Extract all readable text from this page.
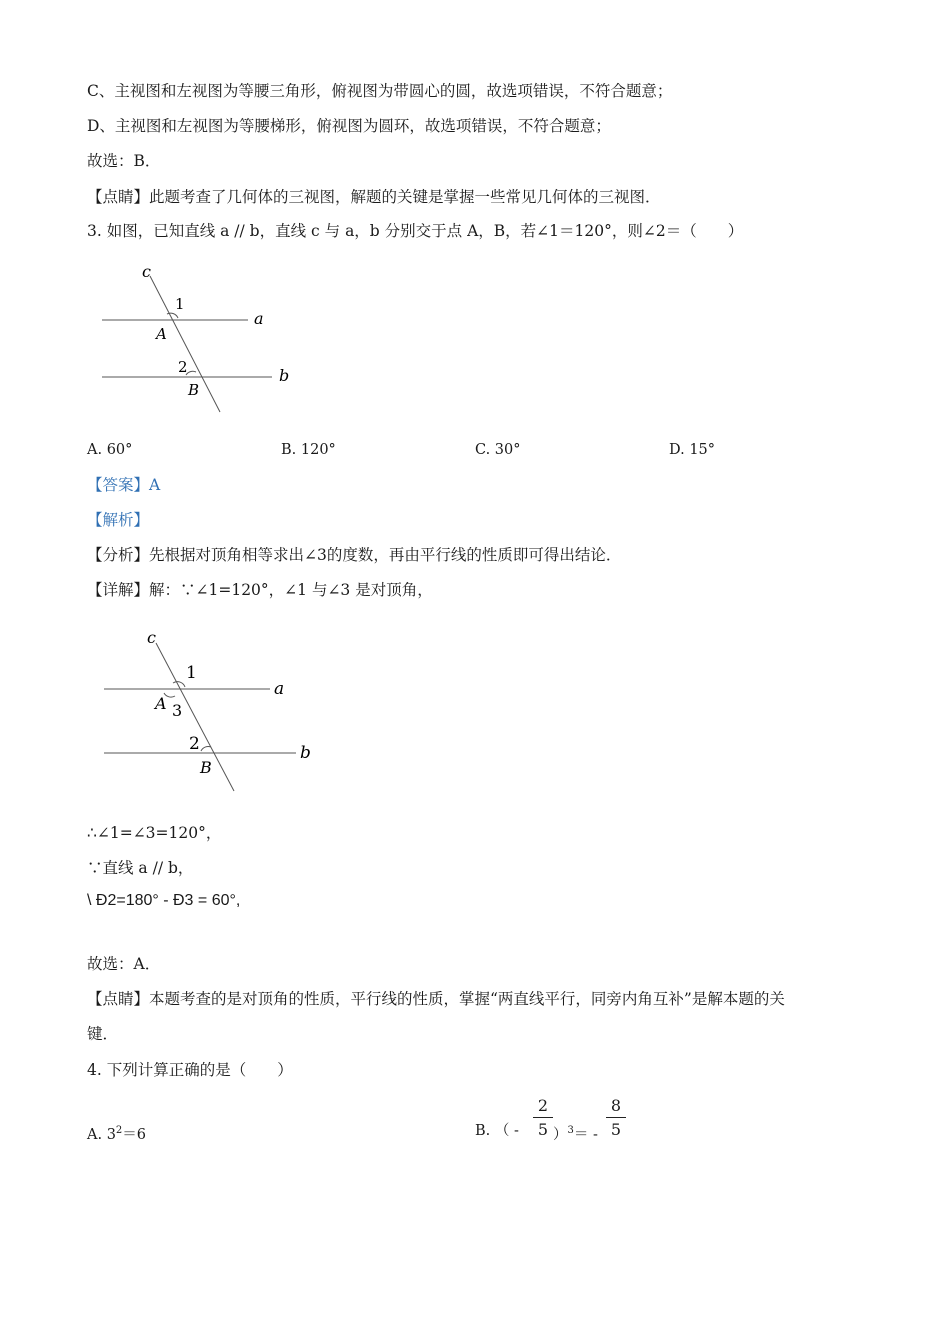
C、主视图和左视图为等腰三角形，俯视图为带圆心的圆，故选项错误，不符合题意；
D、主视图和左视图为等腰梯形，俯视图为圆环，故选项错误，不符合题意；
故选：B．
【点睛】此题考查了几何体的三视图，解题的关键是掌握一些常见几何体的三视图．
3. 如图，已知直线 a // b，直线 c 与 a，b 分别交于点 A，B，若∠1＝120°，则∠2＝（　　）
c
1
a
A
2	b
B
A. 60°	B. 120°	C. 30°	D. 15°
【答案】A
【解析】
【分析】先根据对顶角相等求出∠3的度数，再由平行线的性质即可得出结论．
【详解】解：∵∠1=120°，∠1 与∠3 是对顶角，
c
1
a
A 3
2	b
B
∴∠1=∠3=120°，
∵直线 a // b，
\ Ð2=180° - Ð3 = 60°,
故选：A．
【点睛】本题考查的是对顶角的性质，平行线的性质，掌握“两直线平行，同旁内角互补”是解本题的关
键．
4. 下列计算正确的是（　　）
A. $3^2=6$	B. （ -
2
5 ）$^3$＝ -
8
5
